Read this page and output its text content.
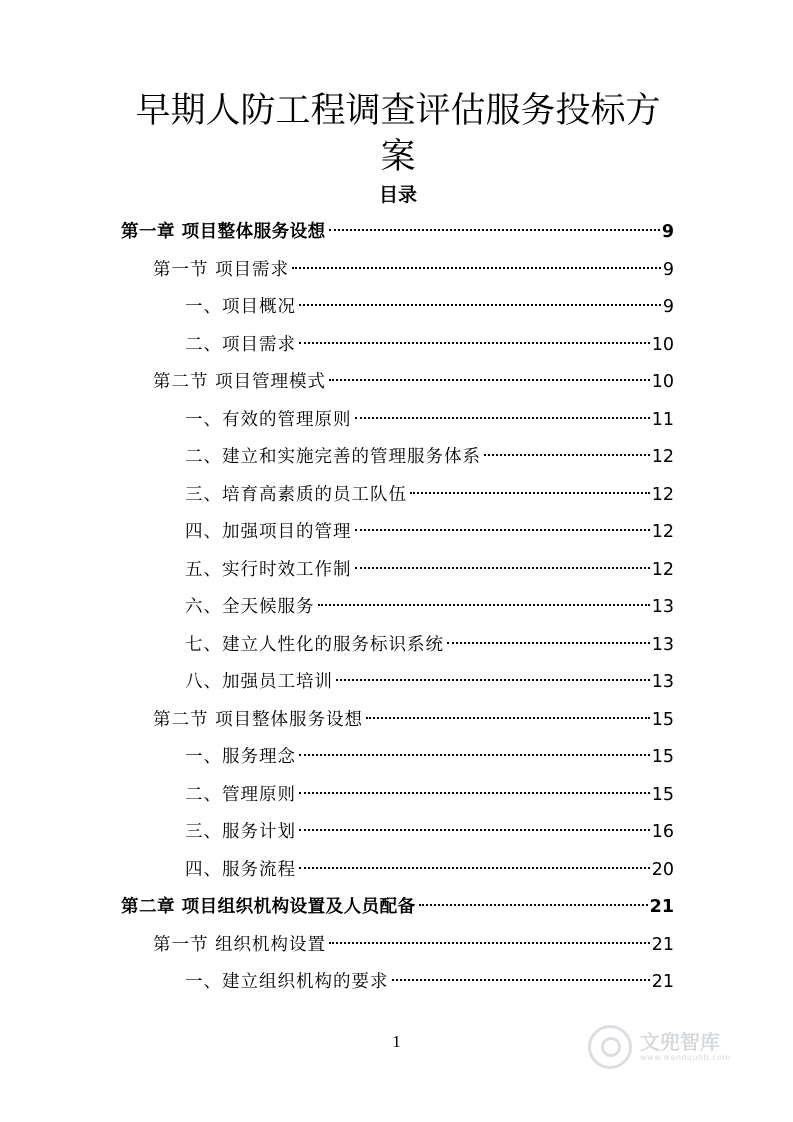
早期人防工程调查评估服务投标方案
目录
第一章 项目整体服务设想	9
第一节 项目需求	9
一、项目概况	9
二、项目需求	10
第二节 项目管理模式	10
一、有效的管理原则	11
二、建立和实施完善的管理服务体系	12
三、培育高素质的员工队伍	12
四、加强项目的管理	12
五、实行时效工作制	12
六、全天候服务	13
七、建立人性化的服务标识系统	13
八、加强员工培训	13
第二节 项目整体服务设想	15
一、服务理念	15
二、管理原则	15
三、服务计划	16
四、服务流程	20
第二章 项目组织机构设置及人员配备	21
第一节 组织机构设置	21
一、建立组织机构的要求	21
1	文兜智库
www.wendoulib.com
